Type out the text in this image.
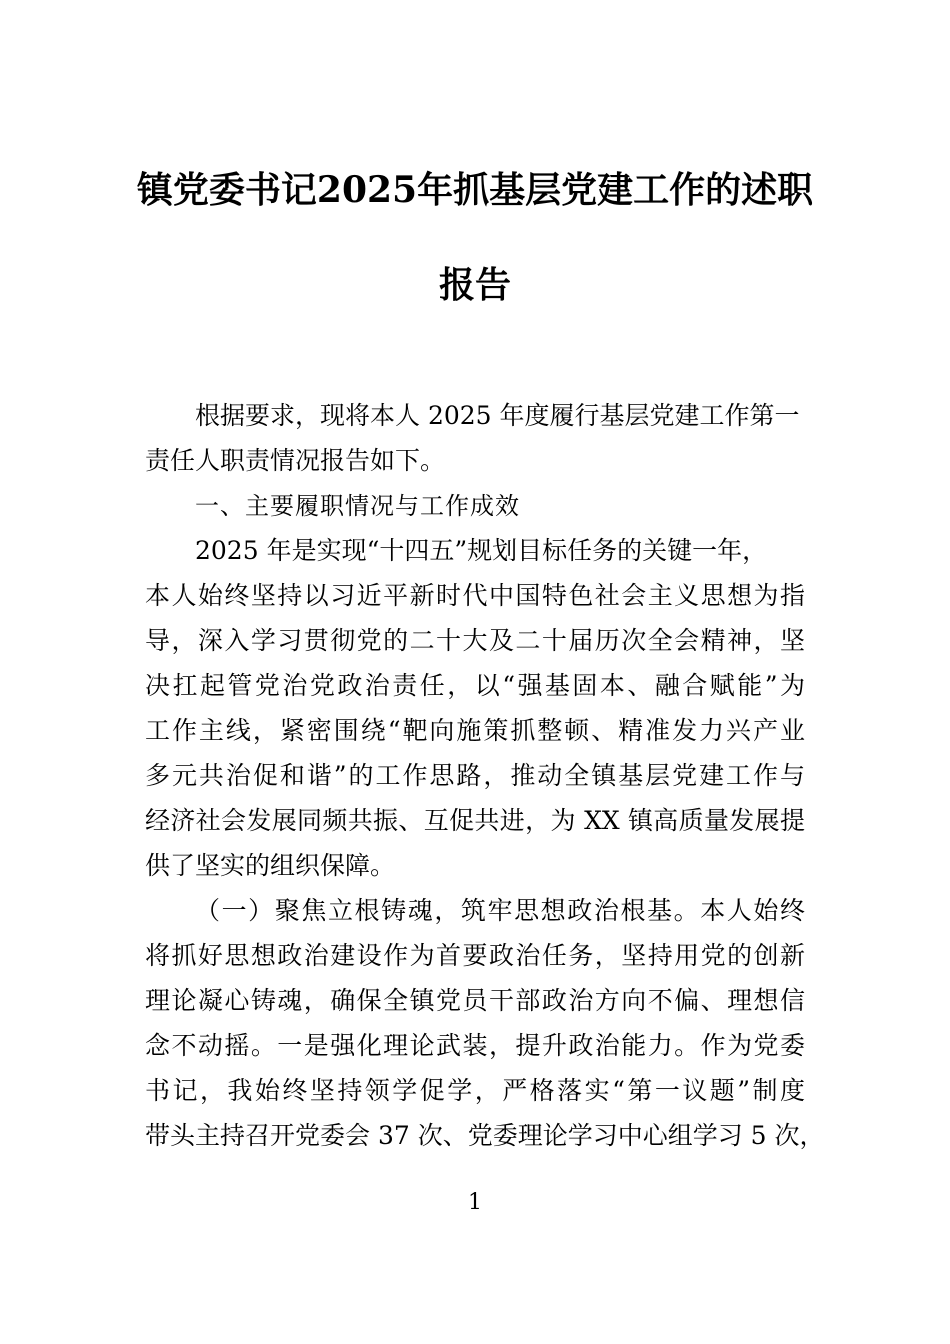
镇党委书记2025年抓基层党建工作的述职
报告
根据要求，现将本人 2025 年度履行基层党建工作第一
责任人职责情况报告如下。
一、主要履职情况与工作成效
2025 年是实现“十四五”规划目标任务的关键一年，
本人始终坚持以习近平新时代中国特色社会主义思想为指
导，深入学习贯彻党的二十大及二十届历次全会精神，坚
决扛起管党治党政治责任，以“强基固本、融合赋能”为
工作主线，紧密围绕“靶向施策抓整顿、精准发力兴产业
多元共治促和谐”的工作思路，推动全镇基层党建工作与
经济社会发展同频共振、互促共进，为 XX 镇高质量发展提
供了坚实的组织保障。
（一）聚焦立根铸魂，筑牢思想政治根基。本人始终
将抓好思想政治建设作为首要政治任务，坚持用党的创新
理论凝心铸魂，确保全镇党员干部政治方向不偏、理想信
念不动摇。一是强化理论武装，提升政治能力。作为党委
书记，我始终坚持领学促学，严格落实“第一议题”制度
带头主持召开党委会 37 次、党委理论学习中心组学习 5 次，
1
